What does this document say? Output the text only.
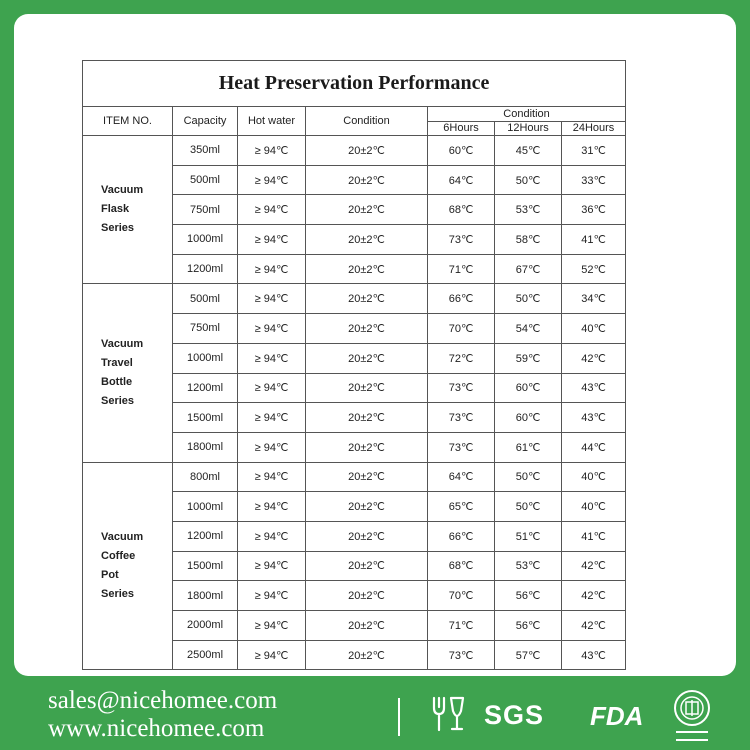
Heat Preservation Performance						
ITEM NO.	Capacity	Hot water	Condition	Condition		
				6Hours	12Hours	24Hours

Vacuum
Flask
Series	350ml	≥ 94℃	20±2℃	60℃	45℃	31℃
	500ml	≥ 94℃	20±2℃	64℃	50℃	33℃
	750ml	≥ 94℃	20±2℃	68℃	53℃	36℃
	1000ml	≥ 94℃	20±2℃	73℃	58℃	41℃
	1200ml	≥ 94℃	20±2℃	71℃	67℃	52℃

Vacuum
Travel
Bottle
Series	500ml	≥ 94℃	20±2℃	66℃	50℃	34℃
	750ml	≥ 94℃	20±2℃	70℃	54℃	40℃
	1000ml	≥ 94℃	20±2℃	72℃	59℃	42℃
	1200ml	≥ 94℃	20±2℃	73℃	60℃	43℃
	1500ml	≥ 94℃	20±2℃	73℃	60℃	43℃
	1800ml	≥ 94℃	20±2℃	73℃	61℃	44℃

Vacuum
Coffee
Pot
Series	800ml	≥ 94℃	20±2℃	64℃	50℃	40℃
	1000ml	≥ 94℃	20±2℃	65℃	50℃	40℃
	1200ml	≥ 94℃	20±2℃	66℃	51℃	41℃
	1500ml	≥ 94℃	20±2℃	68℃	53℃	42℃
	1800ml	≥ 94℃	20±2℃	70℃	56℃	42℃
	2000ml	≥ 94℃	20±2℃	71℃	56℃	42℃
	2500ml	≥ 94℃	20±2℃	73℃	57℃	43℃
sales@nicehomee.com
www.nicehomee.com	SGS FDA
